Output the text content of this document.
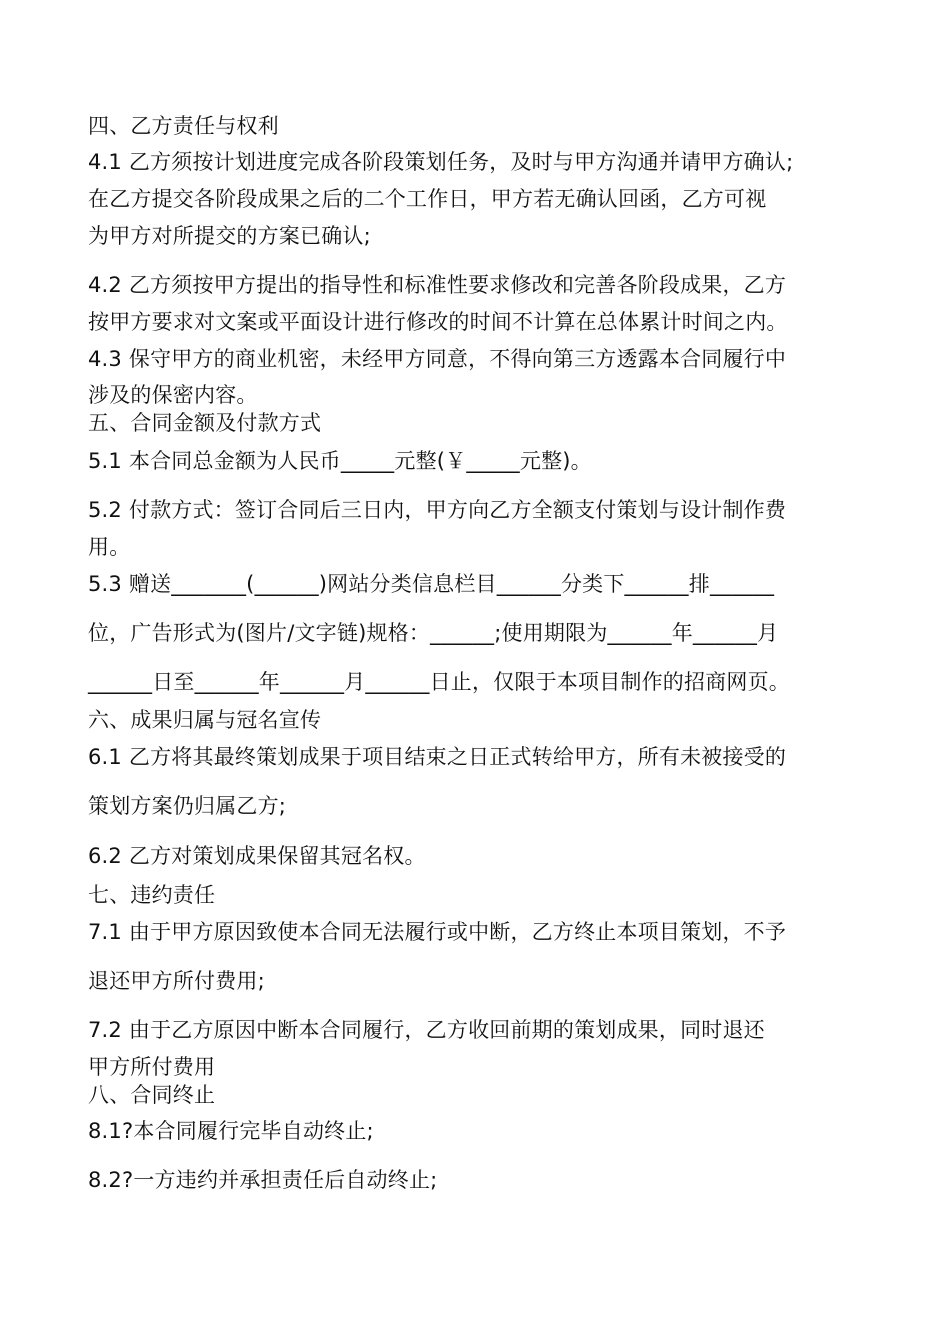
四、乙方责任与权利
4.1 乙方须按计划进度完成各阶段策划任务，及时与甲方沟通并请甲方确认;
在乙方提交各阶段成果之后的二个工作日，甲方若无确认回函，乙方可视
为甲方对所提交的方案已确认;
4.2 乙方须按甲方提出的指导性和标准性要求修改和完善各阶段成果，乙方
按甲方要求对文案或平面设计进行修改的时间不计算在总体累计时间之内。
4.3 保守甲方的商业机密，未经甲方同意，不得向第三方透露本合同履行中
涉及的保密内容。
五、合同金额及付款方式
5.1 本合同总金额为人民币_____元整(￥_____元整)。
5.2 付款方式：签订合同后三日内，甲方向乙方全额支付策划与设计制作费
用。
5.3 赠送_______(______)网站分类信息栏目______分类下______排______
位，广告形式为(图片/文字链)规格：______;使用期限为______年______月
______日至______年______月______日止，仅限于本项目制作的招商网页。
六、成果归属与冠名宣传
6.1 乙方将其最终策划成果于项目结束之日正式转给甲方，所有未被接受的
策划方案仍归属乙方;
6.2 乙方对策划成果保留其冠名权。
七、违约责任
7.1 由于甲方原因致使本合同无法履行或中断，乙方终止本项目策划，不予
退还甲方所付费用;
7.2 由于乙方原因中断本合同履行，乙方收回前期的策划成果，同时退还
甲方所付费用
八、合同终止
8.1?本合同履行完毕自动终止;
8.2?一方违约并承担责任后自动终止;
